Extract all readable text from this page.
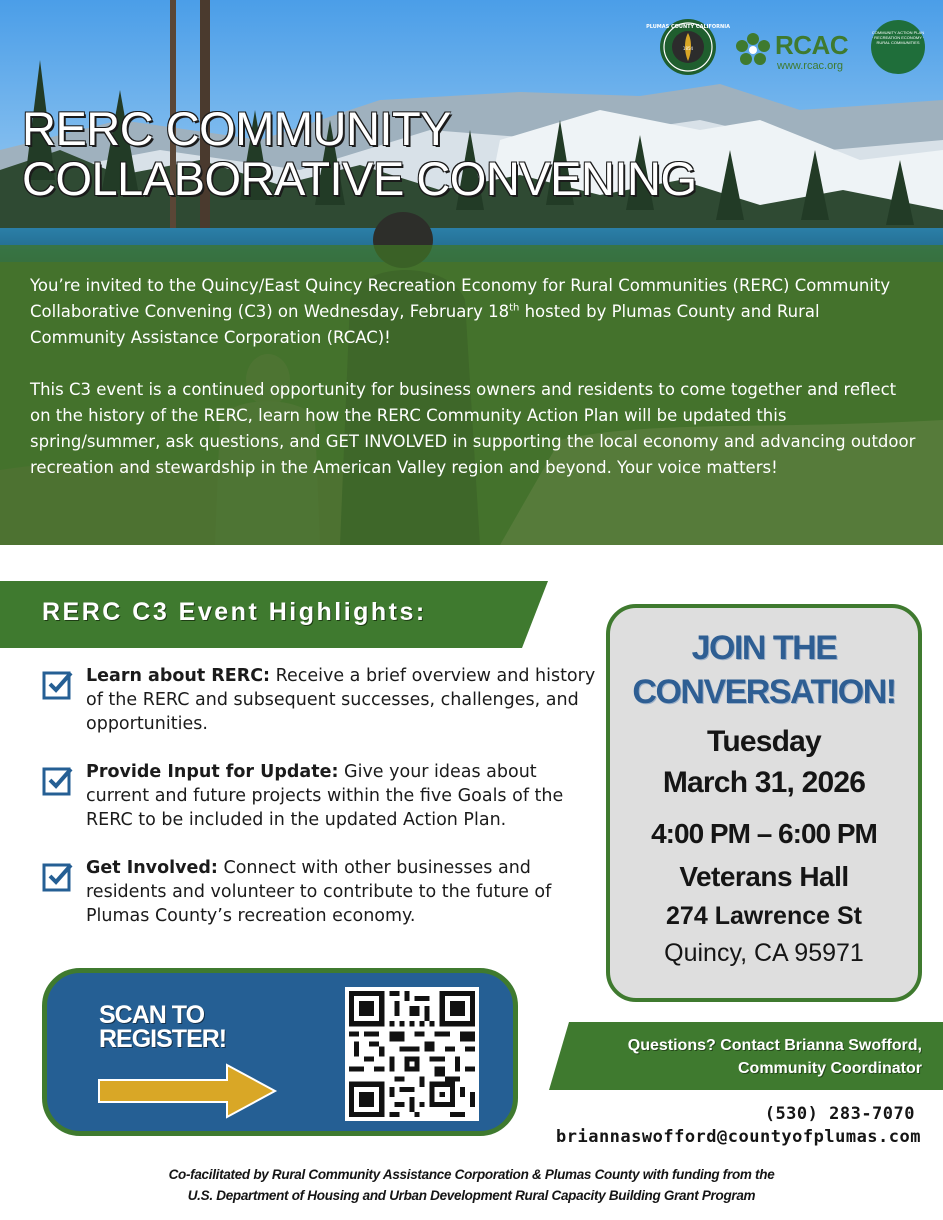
RERC COMMUNITY
COLLABORATIVE CONVENING
PLUMAS COUNTY CALIFORNIA
1854	RCAC
www.rcac.org
COMMUNITY ACTION PLAN · RECREATION ECONOMY · RURAL COMMUNITIES

You’re invited to the Quincy/East Quincy Recreation Economy for Rural Communities (RERC) Community Collaborative Convening (C3) on Wednesday, February 18th hosted by Plumas County and Rural Community Assistance Corporation (RCAC)!

This C3 event is a continued opportunity for business owners and residents to come together and reflect on the history of the RERC, learn how the RERC Community Action Plan will be updated this spring/summer, ask questions, and GET INVOLVED in supporting the local economy and advancing outdoor recreation and stewardship in the American Valley region and beyond. Your voice matters!

RERC C3 Event Highlights:
Learn about RERC: Receive a brief overview and history of the RERC and subsequent successes, challenges, and opportunities.
Provide Input for Update: Give your ideas about current and future projects within the five Goals of the RERC to be included in the updated Action Plan.
Get Involved: Connect with other businesses and residents and volunteer to contribute to the future of Plumas County’s recreation economy.
JOIN THE
CONVERSATION!
Tuesday
March 31, 2026
4:00 PM – 6:00 PM
Veterans Hall
274 Lawrence St
Quincy, CA 95971
SCAN TO
REGISTER!	Questions? Contact Brianna Swofford,
Community Coordinator
(530) 283-7070
briannaswofford@countyofplumas.com
Co-facilitated by Rural Community Assistance Corporation & Plumas County with funding from the
U.S. Department of Housing and Urban Development Rural Capacity Building Grant Program
